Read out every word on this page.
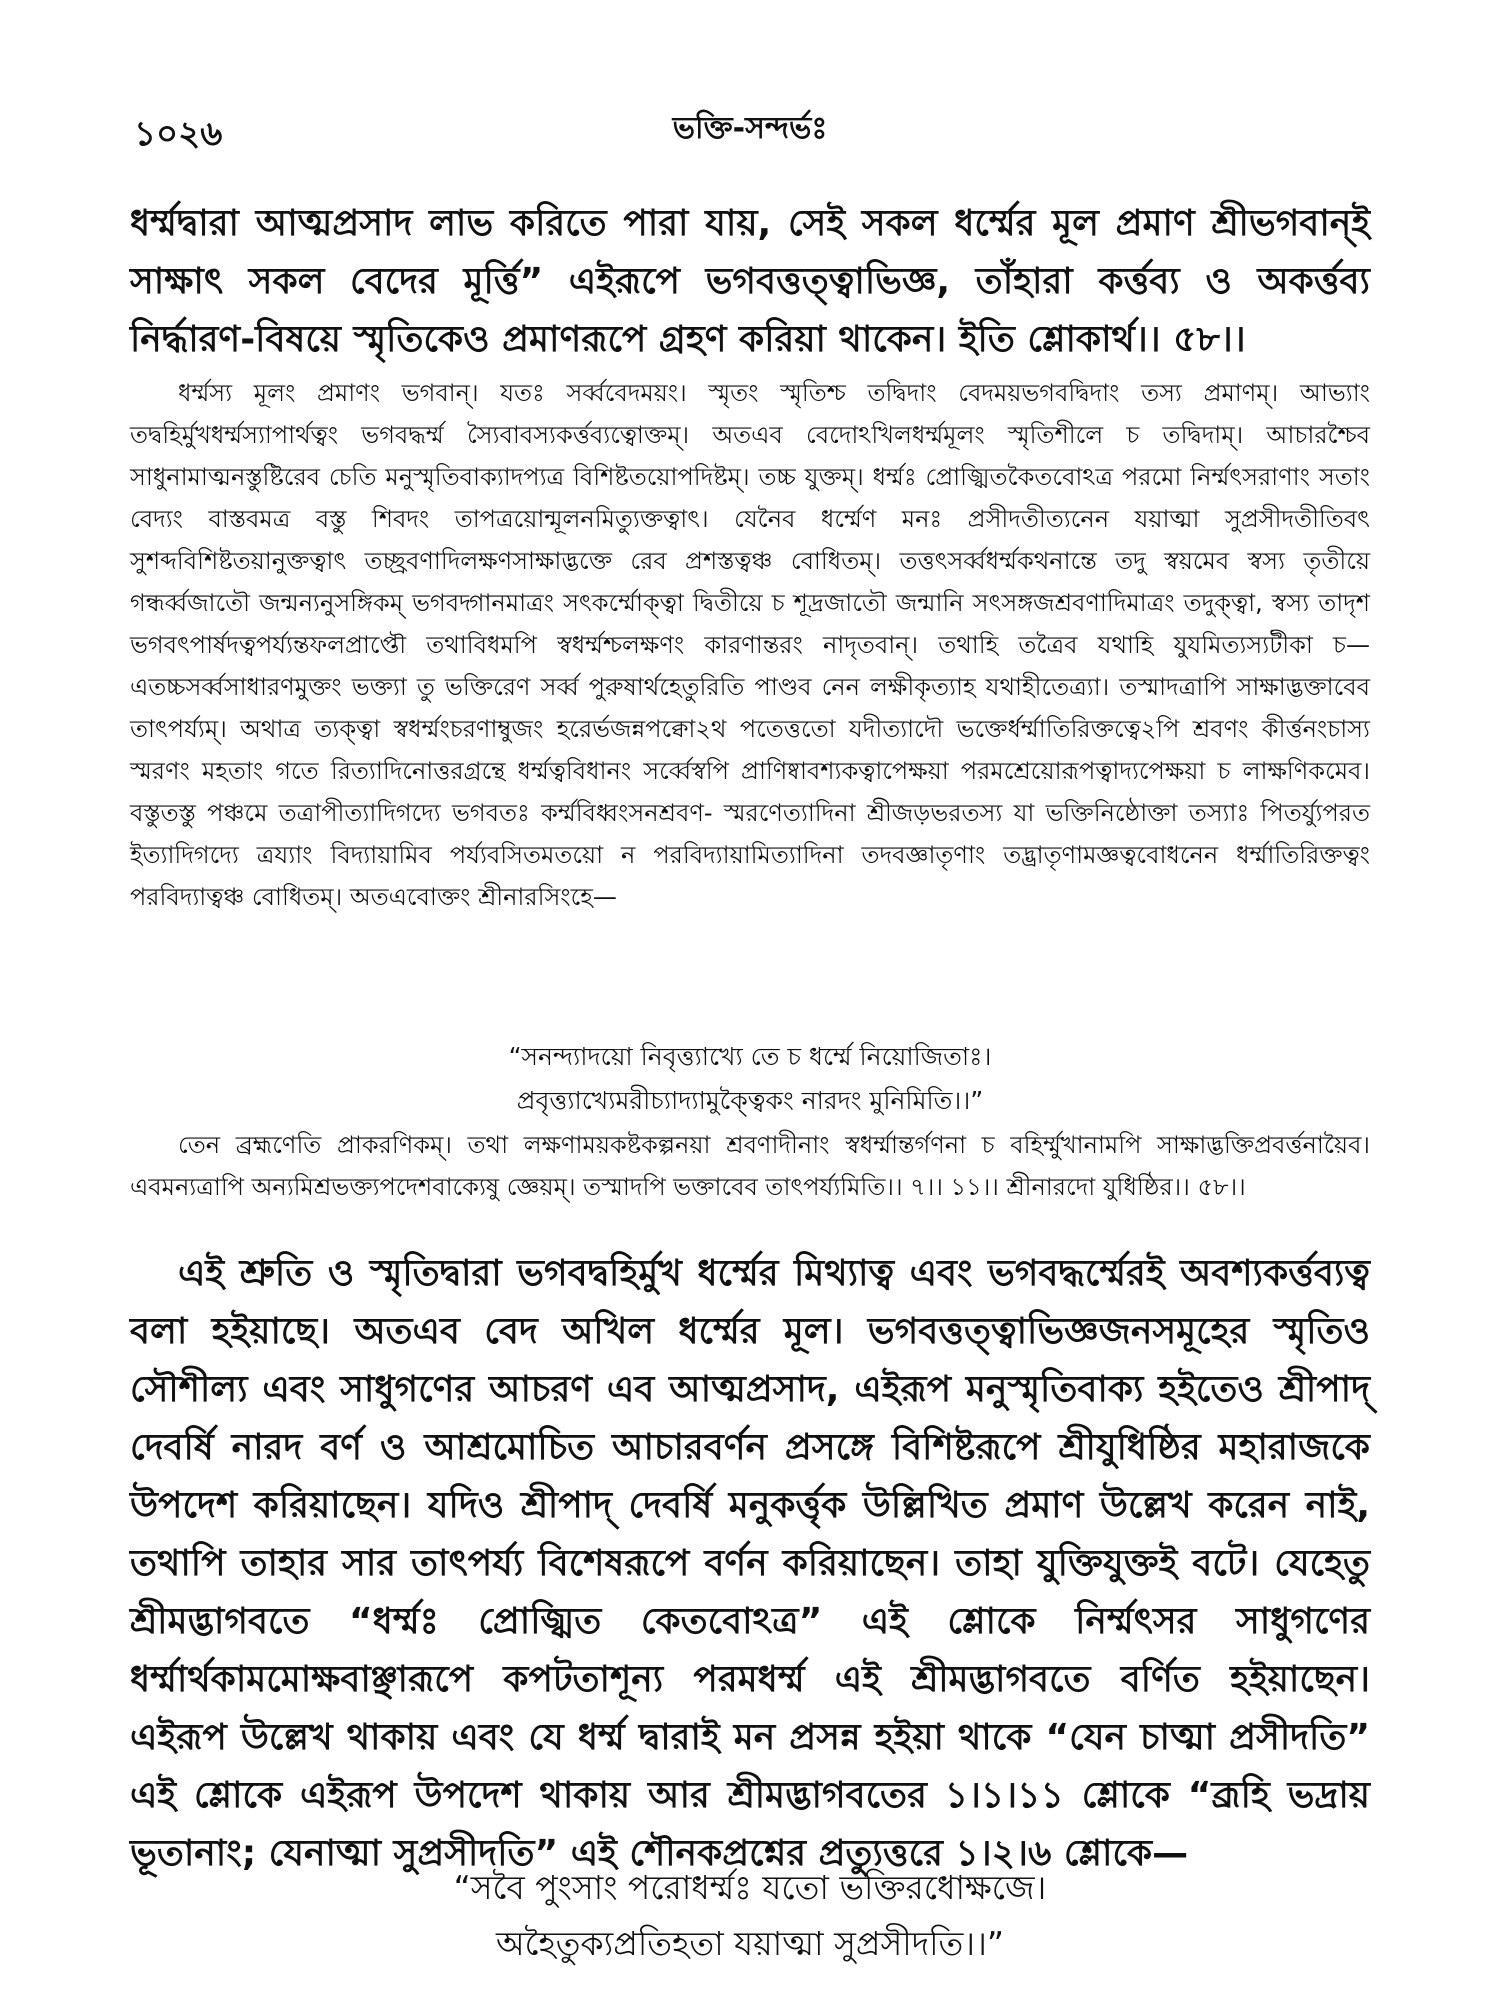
১০২৬	ভক্তি-সন্দর্ভঃ

ধর্ম্মদ্বারা আত্মপ্রসাদ লাভ করিতে পারা যায়, সেই সকল ধর্ম্মের মূল প্রমাণ শ্রীভগবান্ই সাক্ষাৎ সকল বেদের মূর্ত্তি” এইরূপে ভগবত্তত্ত্বাভিজ্ঞ, তাঁহারা কর্ত্তব্য ও অকর্ত্তব্য নির্দ্ধারণ-বিষয়ে স্মৃতিকেও প্রমাণরূপে গ্রহণ করিয়া থাকেন। ইতি শ্লোকার্থ।। ৫৮।।

ধর্ম্মস্য মূলং প্রমাণং ভগবান্। যতঃ সর্ব্ববেদময়ং। স্মৃতং স্মৃতিশ্চ তদ্বিদাং বেদময়ভগবদ্বিদাং তস্য প্রমাণম্। আভ্যাং তদ্বহির্মুখধর্ম্মস্যাপার্থত্বং ভগবদ্ধর্ম্ম স্যৈবাবস্যকর্ত্তব্যত্বোক্তম্। অতএব বেদোঽখিলধর্ম্মমূলং স্মৃতিশীলে চ তদ্বিদাম্। আচারশ্চৈব সাধুনামাত্মনস্তুষ্টিরেব চেতি মনুস্মৃতিবাক্যাদপ্যত্র বিশিষ্টতয়োপদিষ্টম্। তচ্চ যুক্তম্। ধর্ম্মঃ প্রোজ্ঝিতকৈতবোঽত্র পরমো নির্ম্মৎসরাণাং সতাং বেদ্যং বাস্তবমত্র বস্তু শিবদং তাপত্রয়োন্মূলনমিত্যুক্তত্বাৎ। যেনৈব ধর্ম্মেণ মনঃ প্রসীদতীত্যনেন যয়াত্মা সুপ্রসীদতীতিবৎ সুশব্দবিশিষ্টতয়ানুক্তত্বাৎ তচ্ছ্রবণাদিলক্ষণসাক্ষাদ্ভক্তে রেব প্রশস্তত্বঞ্চ বোধিতম্। তত্তৎসর্ব্বধর্ম্মকথনান্তে তদু স্বয়মেব স্বস্য তৃতীয়ে গন্ধর্ব্বজাতৌ জন্মন্যনুসঙ্গিকম্ ভগবদ্গানমাত্রং সৎকর্ম্মোক্ত্বা দ্বিতীয়ে চ শূদ্রজাতৌ জন্মানি সৎসঙ্গজশ্রবণাদিমাত্রং তদুক্ত্বা, স্বস্য তাদৃশ ভগবৎপার্ষদত্বপর্য্যন্তফলপ্রাপ্তৌ তথাবিধমপি স্বধর্ম্মশ্চলক্ষণং কারণান্তরং নাদৃতবান্। তথাহি তত্রৈব যথাহি যুযমিত্যস্যটীকা চ—এতচ্চসর্ব্বসাধারণমুক্তং ভক্ত্যা তু ভক্তিরেণ সর্ব্ব পুরুষার্থহেতুরিতি পাণ্ডব নেন লক্ষীকৃত্যাহ যথাহীতেত্র্যা। তস্মাদত্রাপি সাক্ষাদ্ভক্তাবেব তাৎপর্য্যম্। অথাত্র ত্যক্ত্বা স্বধর্ম্মংচরণাম্বুজং হরের্ভজন্নপক্বো২থ পতেত্ততো যদীত্যাদৌ ভক্তের্ধর্ম্মাতিরিক্তত্বে২পি শ্রবণং কীর্ত্তনংচাস্য স্মরণং মহতাং গতে রিত্যাদিনোত্তরগ্রন্থে ধর্ম্মত্ববিধানং সর্ব্বেস্বপি প্রাণিষ্বাবশ্যকত্বাপেক্ষয়া পরমশ্রেয়োরূপত্বাদ্যপেক্ষয়া চ লাক্ষণিকমেব। বস্তুতস্তু পঞ্চমে তত্রাপীত্যাদিগদ্যে ভগবতঃ কর্ম্মবিধ্বংসনশ্রবণ- স্মরণেত্যাদিনা শ্রীজড়ভরতস্য যা ভক্তিনিষ্ঠোক্তা তস্যাঃ পিতর্য্যুপরত ইত্যাদিগদ্যে ত্রয্যাং বিদ্যায়ামিব পর্য্যবসিতমতয়ো ন পরবিদ্যায়ামিত্যাদিনা তদবজ্ঞাতৃণাং তদ্ভ্রাতৃণামজ্ঞত্ববোধনেন ধর্ম্মাতিরিক্তত্বং পরবিদ্যাত্বঞ্চ বোধিতম্। অতএবোক্তং শ্রীনারসিংহে—

“সনন্দ্যাদয়ো নিবৃত্ত্যাখ্যে তে চ ধর্ম্মে নিয়োজিতাঃ।

প্রবৃত্ত্যাখ্যেমরীচ্যাদ্যামুক্ত্বৈকং নারদং মুনিমিতি।।”

তেন ব্রহ্মণেতি প্রাকরণিকম্। তথা লক্ষণাময়কষ্টকল্পনয়া শ্রবণাদীনাং স্বধর্ম্মান্তর্গণনা চ বহির্ম্মুখানামপি সাক্ষাদ্ভক্তিপ্রবর্ত্তনায়ৈব। এবমন্যত্রাপি অন্যমিশ্রভক্ত্যপদেশবাক্যেষু জ্ঞেয়ম্। তস্মাদপি ভক্তাবেব তাৎপর্য্যমিতি।। ৭।। ১১।। শ্রীনারদো যুধিষ্ঠির।। ৫৮।।

এই শ্রুতি ও স্মৃতিদ্বারা ভগবদ্বহির্মুখ ধর্ম্মের মিথ্যাত্ব এবং ভগবদ্ধর্ম্মেরই অবশ্যকর্ত্তব্যত্ব বলা হইয়াছে। অতএব বেদ অখিল ধর্ম্মের মূল। ভগবত্তত্ত্বাভিজ্ঞজনসমূহের স্মৃতিও সৌশীল্য এবং সাধুগণের আচরণ এব আত্মপ্রসাদ, এইরূপ মনুস্মৃতিবাক্য হইতেও শ্রীপাদ্ দেবর্ষি নারদ বর্ণ ও আশ্রমোচিত আচারবর্ণন প্রসঙ্গে বিশিষ্টরূপে শ্রীযুধিষ্ঠির মহারাজকে উপদেশ করিয়াছেন। যদিও শ্রীপাদ্ দেবর্ষি মনুকর্ত্তৃক উল্লিখিত প্রমাণ উল্লেখ করেন নাই, তথাপি তাহার সার তাৎপর্য্য বিশেষরূপে বর্ণন করিয়াছেন। তাহা যুক্তিযুক্তই বটে। যেহেতু শ্রীমদ্ভাগবতে “ধর্ম্মঃ প্রোজ্ঝিত কেতবোঽত্র” এই শ্লোকে নির্ম্মৎসর সাধুগণের ধর্ম্মার্থকামমোক্ষবাঞ্ছারূপে কপটতাশূন্য পরমধর্ম্ম এই শ্রীমদ্ভাগবতে বর্ণিত হইয়াছেন। এইরূপ উল্লেখ থাকায় এবং যে ধর্ম্ম দ্বারাই মন প্রসন্ন হইয়া থাকে “যেন চাত্মা প্রসীদতি” এই শ্লোকে এইরূপ উপদেশ থাকায় আর শ্রীমদ্ভাগবতের ১।১।১১ শ্লোকে “ব্রূহি ভদ্রায় ভূতানাং; যেনাত্মা সুপ্রসীদতি” এই শৌনকপ্রশ্নের প্রত্যুত্তরে ১।২।৬ শ্লোকে—

“সবৈ পুংসাং পরোধর্ম্মঃ যতো ভক্তিরধোক্ষজে।

অহৈতুক্যপ্রতিহতা যয়াত্মা সুপ্রসীদতি।।”
